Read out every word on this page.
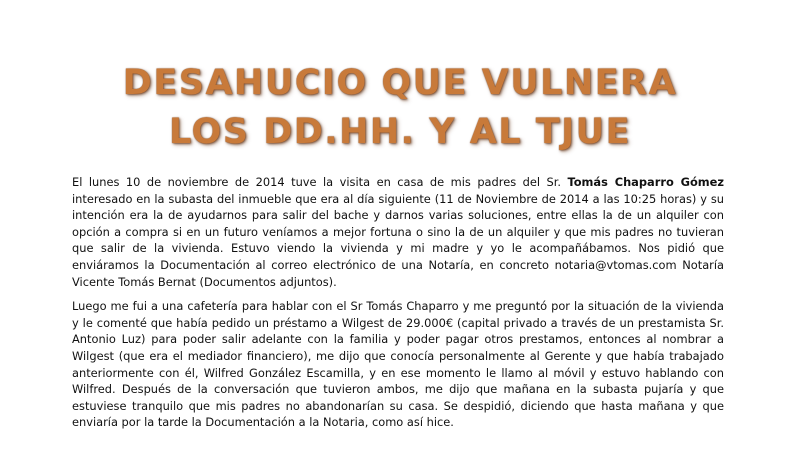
DESAHUCIO QUE VULNERA
LOS DD.HH. Y AL TJUE

El lunes 10 de noviembre de 2014 tuve la visita en casa de mis padres del Sr. Tomás Chaparro Gómez interesado en la subasta del inmueble que era al día siguiente (11 de Noviembre de 2014 a las 10:25 horas) y su intención era la de ayudarnos para salir del bache y darnos varias soluciones, entre ellas la de un alquiler con opción a compra si en un futuro veníamos a mejor fortuna o sino la de un alquiler y que mis padres no tuvieran que salir de la vivienda. Estuvo viendo la vivienda y mi madre y yo le acompañábamos. Nos pidió que enviáramos la Documentación al correo electrónico de una Notaría, en concreto notaria@vtomas.com Notaría Vicente Tomás Bernat (Documentos adjuntos).

Luego me fui a una cafetería para hablar con el Sr Tomás Chaparro y me preguntó por la situación de la vivienda y le comenté que había pedido un préstamo a Wilgest de 29.000€ (capital privado a través de un prestamista Sr. Antonio Luz) para poder salir adelante con la familia y poder pagar otros prestamos, entonces al nombrar a Wilgest (que era el mediador financiero), me dijo que conocía personalmente al Gerente y que había trabajado anteriormente con él, Wilfred González Escamilla, y en ese momento le llamo al móvil y estuvo hablando con Wilfred. Después de la conversación que tuvieron ambos, me dijo que mañana en la subasta pujaría y que estuviese tranquilo que mis padres no abandonarían su casa. Se despidió, diciendo que hasta mañana y que enviaría por la tarde la Documentación a la Notaria, como así hice.
